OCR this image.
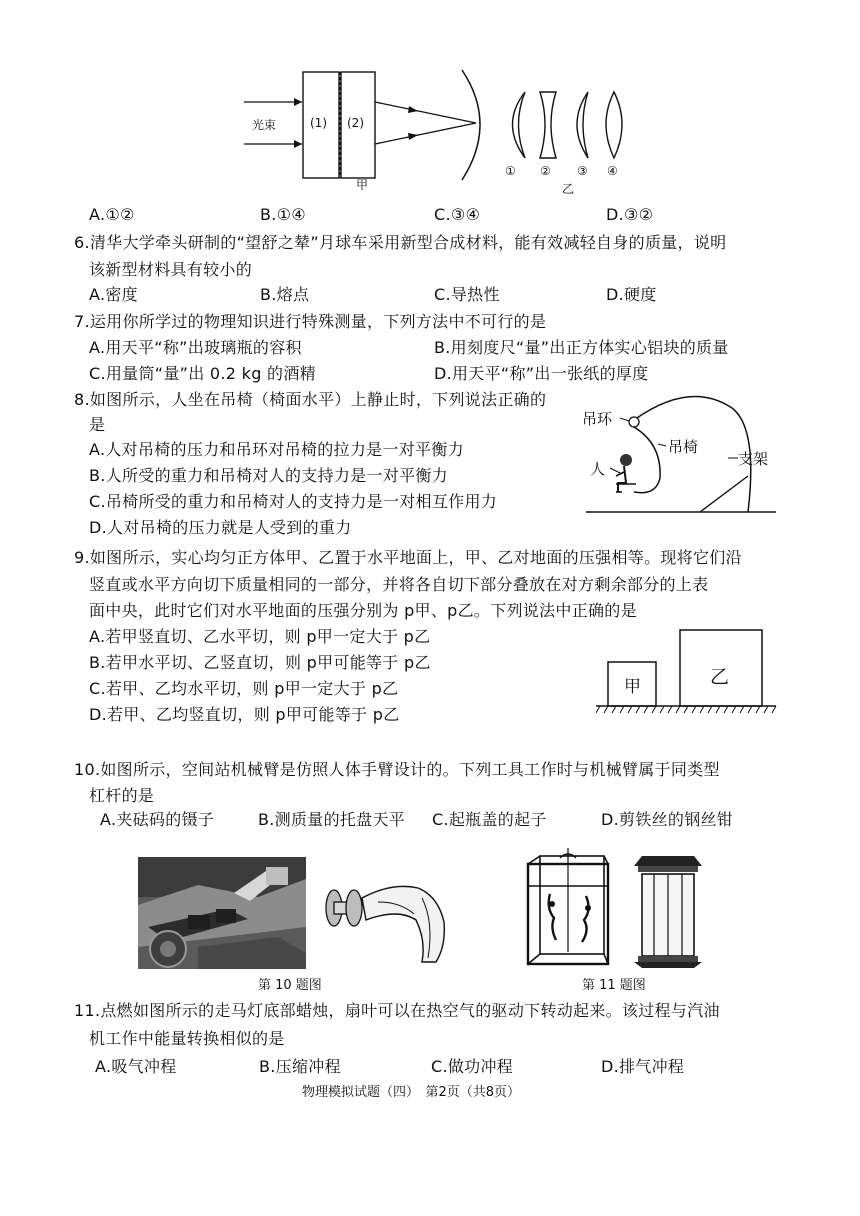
光束	(1) (2)
甲
① ② ③ ④
乙
A.①②	B.①④	C.③④	D.③②
6.清华大学牵头研制的“望舒之辇”月球车采用新型合成材料，能有效减轻自身的质量，说明
该新型材料具有较小的
A.密度	B.熔点	C.导热性	D.硬度
7.运用你所学过的物理知识进行特殊测量，下列方法中不可行的是
A.用天平“称”出玻璃瓶的容积	B.用刻度尺“量”出正方体实心铝块的质量
C.用量筒“量”出 0.2 kg 的酒精	D.用天平“称”出一张纸的厚度
8.如图所示，人坐在吊椅（椅面水平）上静止时，下列说法正确的
是
A.人对吊椅的压力和吊环对吊椅的拉力是一对平衡力
B.人所受的重力和吊椅对人的支持力是一对平衡力
C.吊椅所受的重力和吊椅对人的支持力是一对相互作用力
D.人对吊椅的压力就是人受到的重力
吊环
吊椅
人
支架
9.如图所示，实心均匀正方体甲、乙置于水平地面上，甲、乙对地面的压强相等。现将它们沿
竖直或水平方向切下质量相同的一部分，并将各自切下部分叠放在对方剩余部分的上表
面中央，此时它们对水平地面的压强分别为 p甲、p乙。下列说法中正确的是
A.若甲竖直切、乙水平切，则 p甲一定大于 p乙
B.若甲水平切、乙竖直切，则 p甲可能等于 p乙
C.若甲、乙均水平切，则 p甲一定大于 p乙
D.若甲、乙均竖直切，则 p甲可能等于 p乙
甲	乙
10.如图所示，空间站机械臂是仿照人体手臂设计的。下列工具工作时与机械臂属于同类型
杠杆的是
A.夹砝码的镊子	B.测质量的托盘天平 C.起瓶盖的起子	D.剪铁丝的钢丝钳
第 10 题图	第 11 题图
11.点燃如图所示的走马灯底部蜡烛，扇叶可以在热空气的驱动下转动起来。该过程与汽油
机工作中能量转换相似的是
A.吸气冲程	B.压缩冲程	C.做功冲程	D.排气冲程
物理模拟试题（四）　第2页（共8页）
